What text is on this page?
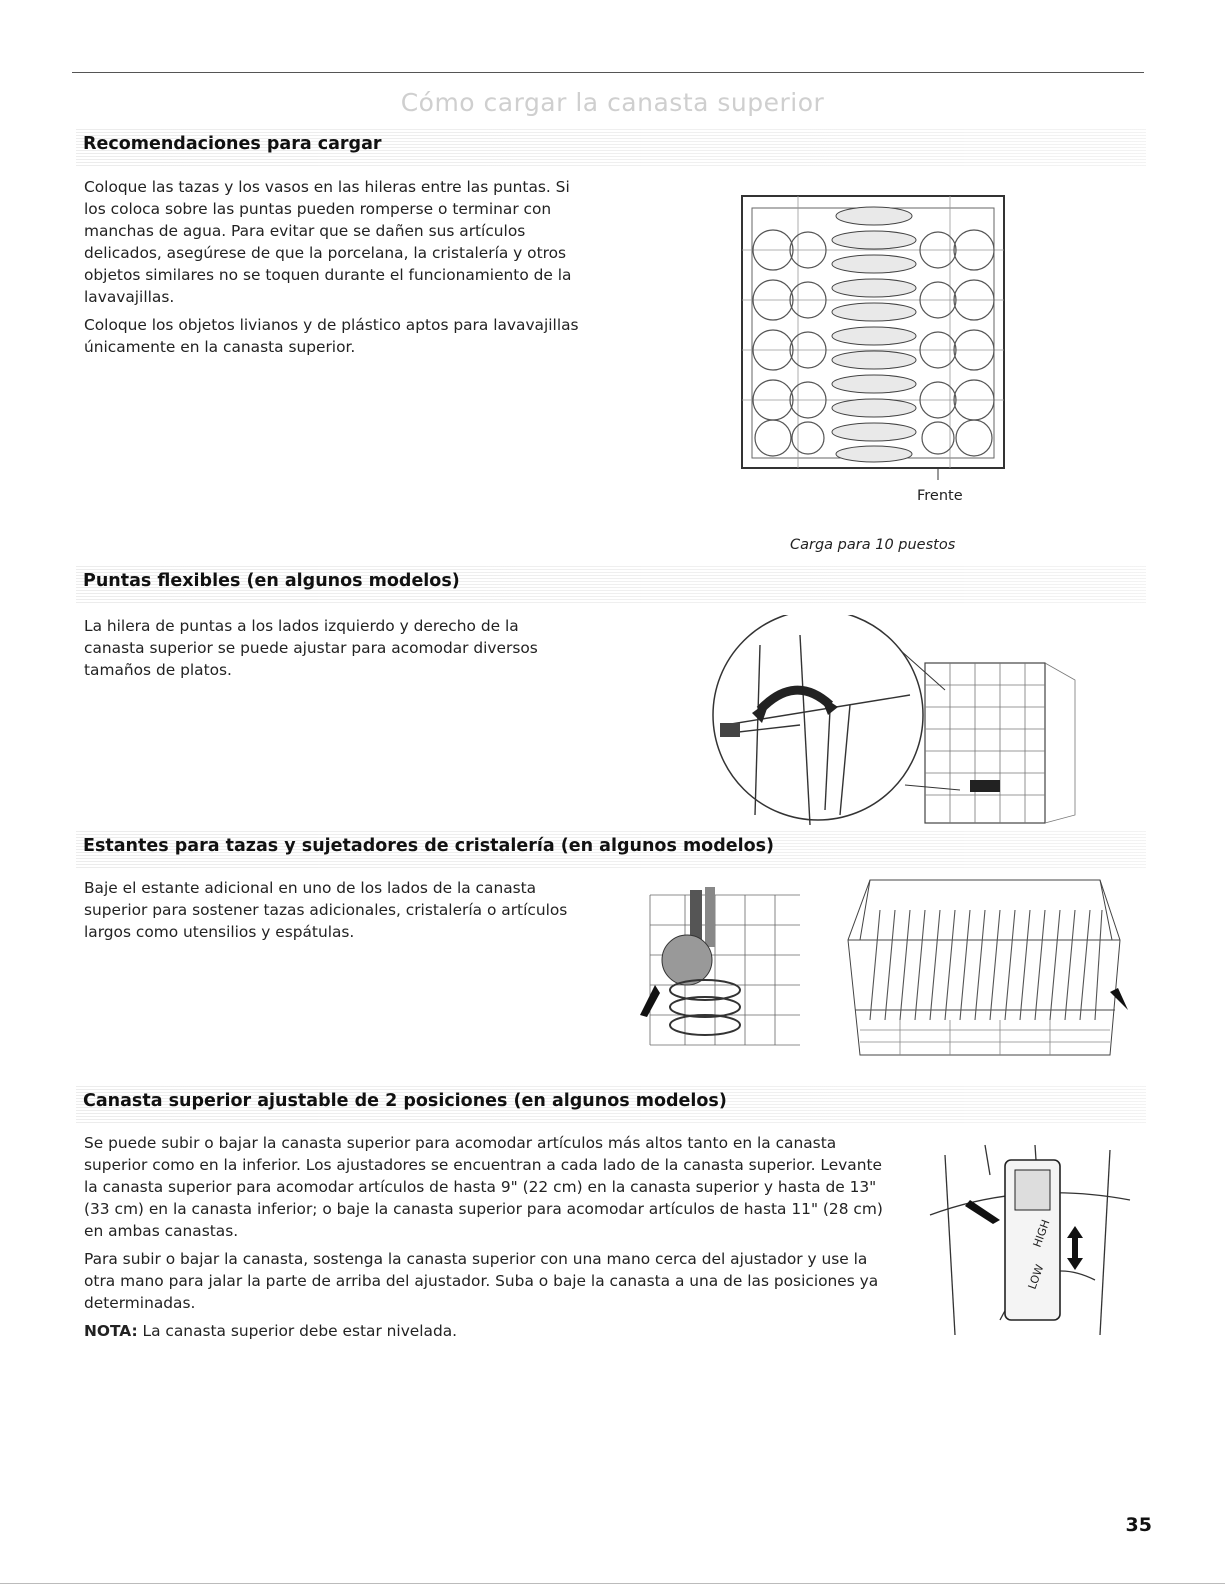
Cómo cargar la canasta superior
Recomendaciones para cargar

Coloque las tazas y los vasos en las hileras entre las puntas. Si los coloca sobre las puntas pueden romperse o terminar con manchas de agua. Para evitar que se dañen sus artículos delicados, asegúrese de que la porcelana, la cristalería y otros objetos similares no se toquen durante el funcionamiento de la lavavajillas.

Coloque los objetos livianos y de plástico aptos para lavavajillas únicamente en la canasta superior.

Frente
Carga para 10 puestos
Puntas flexibles (en algunos modelos)

La hilera de puntas a los lados izquierdo y derecho de la canasta superior se puede ajustar para acomodar diversos tamaños de platos.

Estantes para tazas y sujetadores de cristalería (en algunos modelos)

Baje el estante adicional en uno de los lados de la canasta superior para sostener tazas adicionales, cristalería o artículos largos como utensilios y espátulas.

Canasta superior ajustable de 2 posiciones (en algunos modelos)

Se puede subir o bajar la canasta superior para acomodar artículos más altos tanto en la canasta superior como en la inferior. Los ajustadores se encuentran a cada lado de la canasta superior. Levante la canasta superior para acomodar artículos de hasta 9" (22 cm) en la canasta superior y hasta de 13" (33 cm) en la canasta inferior; o baje la canasta superior para acomodar artículos de hasta 11" (28 cm) en ambas canastas.

Para subir o bajar la canasta, sostenga la canasta superior con una mano cerca del ajustador y use la otra mano para jalar la parte de arriba del ajustador. Suba o baje la canasta a una de las posiciones ya determinadas.

NOTA: La canasta superior debe estar nivelada.

HIGH
LOW
35
